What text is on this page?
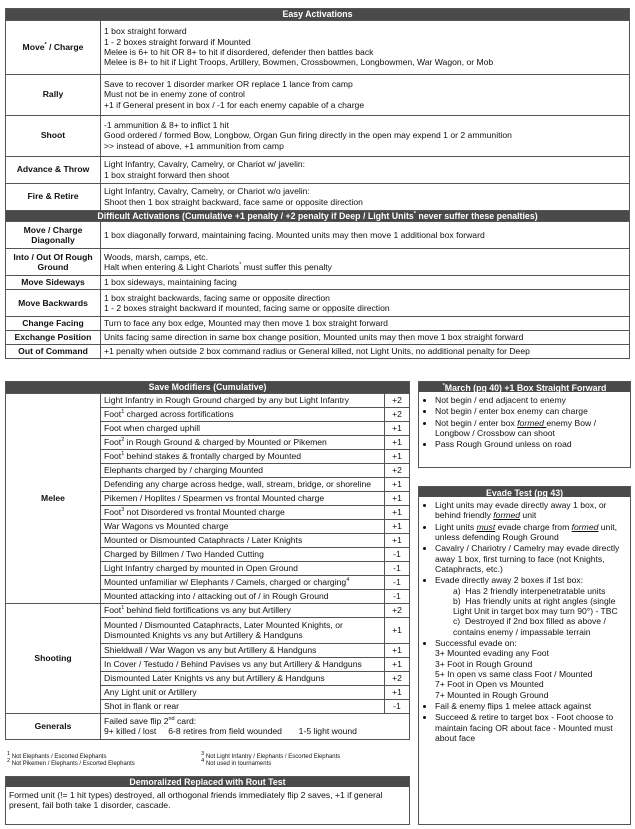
Easy Activations	
Move* / Charge	1 box straight forward
1 - 2 boxes straight forward if Mounted
Melee is 6+ to hit OR 8+ to hit if disordered, defender then battles back
Melee is 8+ to hit if Light Troops, Artillery, Bowmen, Crossbowmen, Longbowmen, War Wagon, or Mob

Rally	Save to recover 1 disorder marker OR replace 1 lance from camp
Must not be in enemy zone of control
+1 if General present in box / -1 for each enemy capable of a charge

Shoot	-1 ammunition & 8+ to inflict 1 hit
Good ordered / formed Bow, Longbow, Organ Gun firing directly in the open may expend 1 or 2 ammunition
>> instead of above, +1 ammunition from camp

Advance & Throw	Light Infantry, Cavalry, Camelry, or Chariot w/ javelin:
1 box straight forward then shoot

Fire & Retire	Light Infantry, Cavalry, Camelry, or Chariot w/o javelin:
Shoot then 1 box straight backward, face same or opposite direction

Difficult Activations (Cumulative +1 penalty / +2 penalty if Deep / Light Units* never suffer these penalties)	
Move / Charge Diagonally	1 box diagonally forward, maintaining facing. Mounted units may then move 1 additional box forward
Into / Out Of Rough Ground	Woods, marsh, camps, etc.
Halt when entering & Light Chariots* must suffer this penalty

Move Sideways	1 box sideways, maintaining facing
Move Backwards	1 box straight backwards, facing same or opposite direction
1 - 2 boxes straight backward if mounted, facing same or opposite direction

Change Facing	Turn to face any box edge, Mounted may then move 1 box straight forward
Exchange Position	Units facing same direction in same box change position, Mounted units may then move 1 box straight forward
Out of Command	+1 penalty when outside 2 box command radius or General killed, not Light Units, no additional penalty for Deep
Save Modifiers (Cumulative)		
Melee	Light Infantry in Rough Ground charged by any but Light Infantry	+2
	Foot$^1$ charged across fortifications	+2
	Foot when charged uphill	+1
	Foot$^2$ in Rough Ground & charged by Mounted or Pikemen	+1
	Foot$^1$ behind stakes & frontally charged by Mounted	+1
	Elephants charged by / charging Mounted	+2
	Defending any charge across hedge, wall, stream, bridge, or shoreline	+1
	Pikemen / Hoplites / Spearmen vs frontal Mounted charge	+1
	Foot$^3$ not Disordered vs frontal Mounted charge	+1
	War Wagons vs Mounted charge	+1
	Mounted or Dismounted Cataphracts / Later Knights	+1
	Charged by Billmen / Two Handed Cutting	-1
	Light Infantry charged by mounted in Open Ground	-1
	Mounted unfamiliar w/ Elephants / Camels, charged or charging$^4$	-1
	Mounted attacking into / attacking out of / in Rough Ground	-1
Shooting	Foot$^1$ behind field fortifications vs any but Artillery	+2
	Mounted / Dismounted Cataphracts, Later Mounted Knights, or Dismounted Knights vs any but Artillery & Handguns	+1
	Shieldwall / War Wagon vs any but Artillery & Handguns	+1
	In Cover / Testudo / Behind Pavises vs any but Artillery & Handguns	+1
	Dismounted Later Knights vs any but Artillery & Handguns	+2
	Any Light unit or Artillery	+1
	Shot in flank or rear	-1
Generals	Failed save flip 2nd card:
9+ killed / lost 6-8 retires from field wounded 1-5 light wound	
$^1$ Not Elephants / Escorted Elephants	$^3$ Not Light Infantry / Elephants / Escorted Elephants
$^2$ Not Pikemen / Elephants / Escorted Elephants	$^4$ Not used in tournaments
Demoralized Replaced with Rout Test
Formed unit (!= 1 hit types) destroyed, all orthogonal friends immediately flip 2 saves, +1 if general present, fail both take 1 disorder, cascade.
*March (pg 40) +1 Box Straight Forward
• Not begin / end adjacent to enemy
• Not begin / enter box enemy can charge
• Not begin / enter box formed enemy Bow / Longbow / Crossbow can shoot
• Pass Rough Ground unless on road
Evade Test (pg 43)
• Light units may evade directly away 1 box, or behind friendly formed unit
• Light units must evade charge from formed unit, unless defending Rough Ground
• Cavalry / Chariotry / Camelry may evade directly away 1 box, first turning to face (not Knights, Cataphracts, etc.)
• Evade directly away 2 boxes if 1st box:
a)  Has 2 friendly interpenetratable units
b)  Has friendly units at right angles (single Light Unit in target box may turn 90°) - TBC
c)  Destroyed if 2nd box filled as above / contains enemy / impassable terrain
• Successful evade on:
3+ Mounted evading any Foot
3+ Foot in Rough Ground
5+ In open vs same class Foot / Mounted
7+ Foot in Open vs Mounted
7+ Mounted in Rough Ground
• Fail & enemy flips 1 melee attack against
• Succeed & retire to target box - Foot choose to maintain facing OR about face - Mounted must about face
